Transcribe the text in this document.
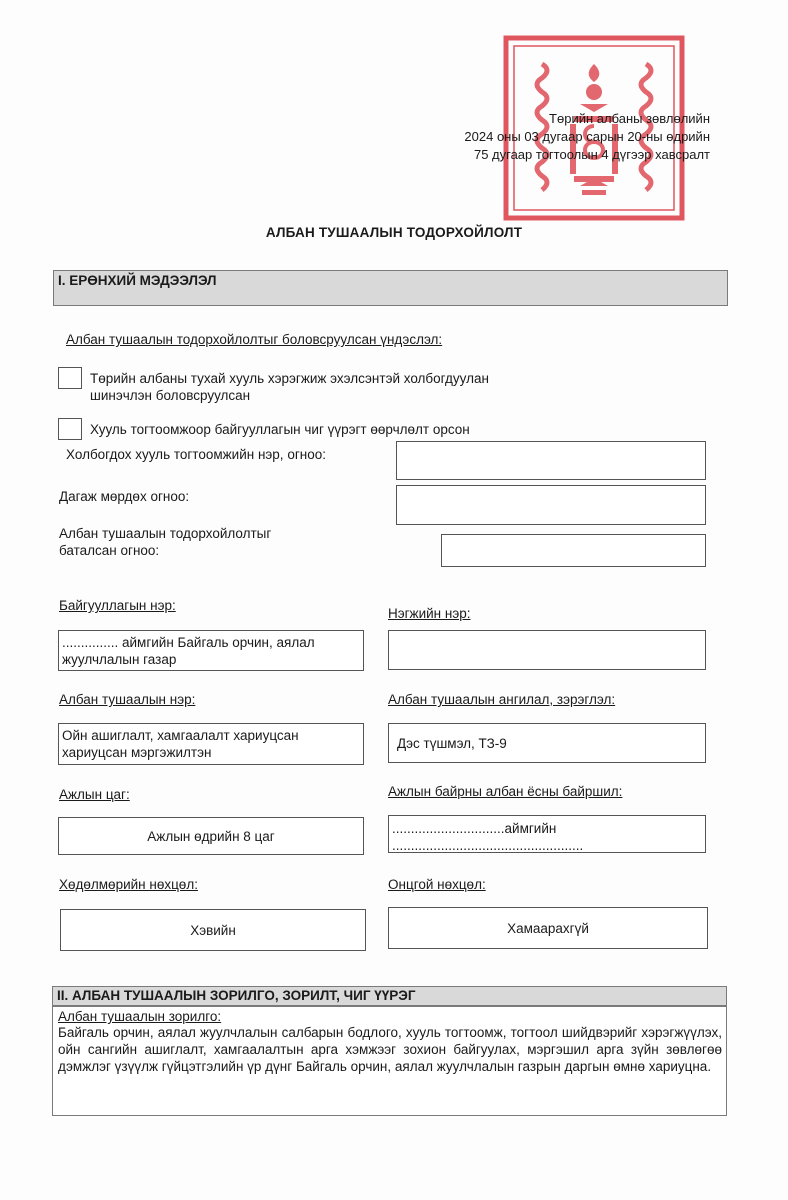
Төрийн албаны зөвлөлийн
2024 оны 03 дугаар сарын 20-ны өдрийн
75 дугаар тогтоолын 4 дүгээр хавсралт
АЛБАН ТУШААЛЫН ТОДОРХОЙЛОЛТ
I. ЕРӨНХИЙ МЭДЭЭЛЭЛ
Албан тушаалын тодорхойлолтыг боловсруулсан үндэслэл:
Төрийн албаны тухай хууль хэрэгжиж эхэлсэнтэй холбогдуулан
шинэчлэн боловсруулсан
Хууль тогтоомжоор байгууллагын чиг үүрэгт өөрчлөлт орсон
Холбогдох хууль тогтоомжийн нэр, огноо:
Дагаж мөрдөх огноо:
Албан тушаалын тодорхойлолтыг
баталсан огноо:
Байгууллагын нэр:
............... аймгийн Байгаль орчин, аялал
жуулчлалын газар
Нэгжийн нэр:
Албан тушаалын нэр:
Ойн ашиглалт, хамгаалалт хариуцсан
хариуцсан мэргэжилтэн
Албан тушаалын ангилал, зэрэглэл:
Дэс түшмэл, ТЗ-9
Ажлын цаг:
Ажлын өдрийн 8 цаг
Ажлын байрны албан ёсны байршил:
..............................аймгийн
...................................................
Хөдөлмөрийн нөхцөл:
Хэвийн
Онцгой нөхцөл:
Хамаарахгүй
II. АЛБАН ТУШААЛЫН ЗОРИЛГО, ЗОРИЛТ, ЧИГ ҮҮРЭГ
Албан тушаалын зорилго:
Байгаль орчин, аялал жуулчлалын салбарын бодлого, хууль тогтоомж, тогтоол шийдвэрийг хэрэгжүүлэх, ойн сангийн ашиглалт, хамгаалалтын арга хэмжээг зохион байгуулах, мэргэшил арга зүйн зөвлөгөө дэмжлэг үзүүлж гүйцэтгэлийн үр дүнг Байгаль орчин, аялал жуулчлалын газрын даргын өмнө хариуцна.
